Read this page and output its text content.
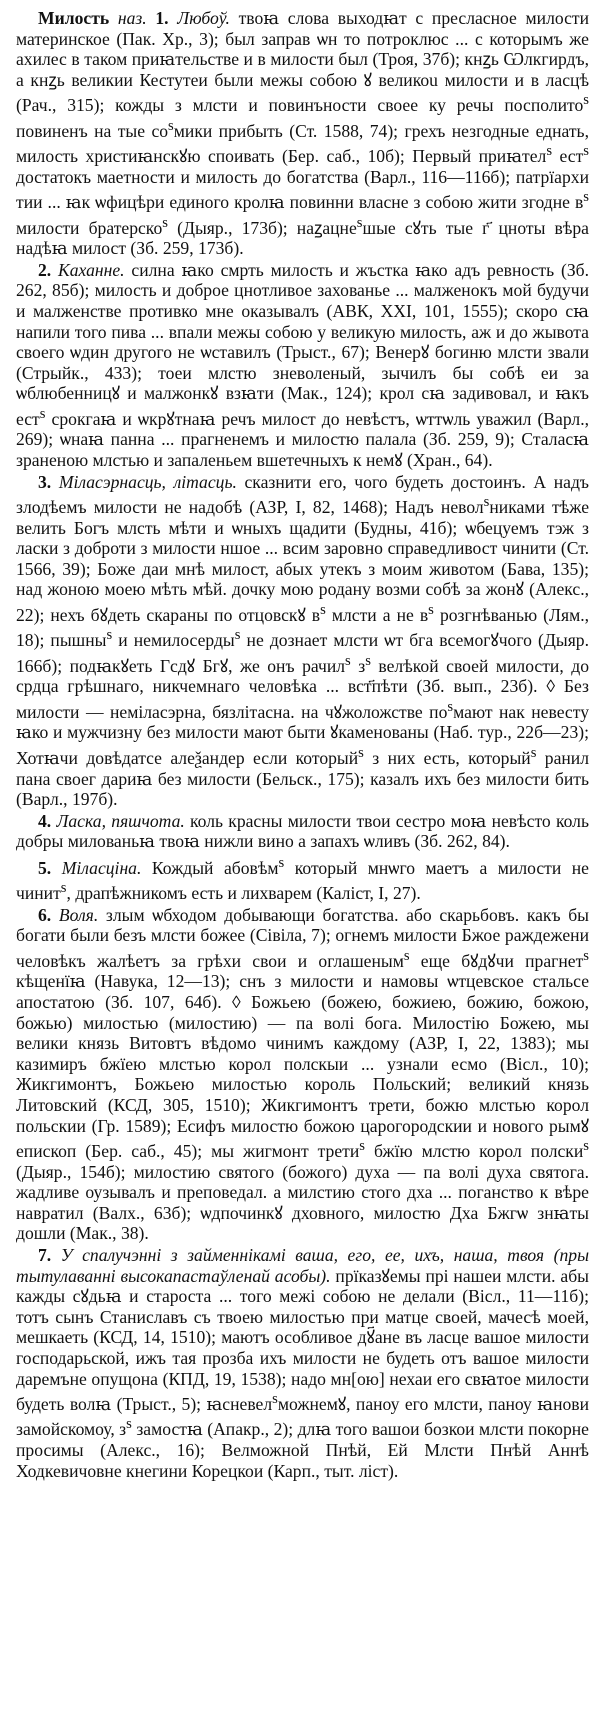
Милость наз. 1. Любоў. твоꙗ слова выходꙗт с пресласное милости материнское (Пак. Хр., 3); был заправ ѡн то потроклюс ... с которымъ же ахилес в таком приꙗтельстве и в милости был (Троя, 37б); кнꙁь Ѡлкгирдъ, а кнꙁь великии Кестутеи были межы собою ꙋ великоu милости и в ласцѣ (Рач., 315); кожды з млсти и повинъности своее ку речы посполито$^s$ повиненъ на тые $со^sмики$ прибыть (Ст. 1588, 74); грехъ незгодные еднать, милость христиꙗнскꙋю споивать (Бер. саб., 10б); Первый приꙗтел$^s$ ест$^s$ достатокъ маетности и милость до богатства (Варл., 116—116б); патрїархи тии ... ꙗк ѡфицѣри единого кролꙗ повинни власне з собою жити згодне $в^s$ милости братерско$^s$ (Дыяр., 173б); наꙁацне$^s$шые сꙋть тые г҃ цноты вѣра надѣꙗ милост (Зб. 259, 173б).

2. Каханне. силна ꙗко смрть милость и жъстка ꙗко адъ ревность (Зб. 262, 85б); милость и доброе цнотливое захованье ... малженокъ мой будучи и малженстве противко мне оказывалъ (АВК, ХХІ, 101, 1555); скоро сꙗ напили того пива ... впали межы собою у великую милость, аж и до жывота своего ѡдин другого не ѡставилъ (Трыст., 67); Венерꙋ богиню млсти звали (Стрыйк., 433); тоеи млстю зневоленый, зычилъ бы собѣ еи за ѡблюбенницꙋ и малжонкꙋ взꙗти (Мак., 124); крол сꙗ задивовал, и ꙗкъ ест$^s$ срокгаꙗ и ѡкрꙋтнаꙗ речъ милост до невѣстъ, ѡттѡль уважил (Варл., 269); ѡнаꙗ панна ... прагненемъ и милостю палала (Зб. 259, 9); Сталасꙗ зраненою млстью и запаленьем вшетечныхъ к немꙋ (Хран., 64).

3. Міласэрнасць, літасць. сказнити его, чого будеть достоинъ. А надъ злодѣемъ милости не надобѣ (АЗР, І, 82, 1468); Надъ невол$^s$никами тѣже велить Богъ млсть мѣти и ѡныхъ щадити (Будны, 41б); ѡбецуемъ тэж з ласки з доброти з милости ншое ... всим заровно справедливост чинити (Ст. 1566, 39); Боже даи мнѣ милост, абых утекъ з моим животом (Бава, 135); над жоною моею мѣть мѣй. дочку мою родану возми собѣ за жонꙋ (Алекс., 22); нехъ бꙋдеть скараны по отцовскꙋ $в^s$ млсти а не $в^s$ розгнѣванью (Лям., 18); пышны$^s$ и немилосерды$^s$ не дознает млсти ѡт бга всемогꙋчого (Дыяр. 166б); подꙗкꙋеть Гсдꙋ Бгꙋ, же онъ рачил$^s$ $з^s$ велѣкой своей милости, до срдца грѣшнаго, никчемнаго человѣка ... вст҃пѣти (Зб. вып., 23б). ◊ Без милости — неміласэрна, бязлітасна. на чꙋжоложстве $по^sмают$ нaк невесту ꙗко и мужчизну без милости мают быти ꙋкаменованы (Наб. тур., 22б—23); Хотꙗчи довѣдатсе алеѯандер если который$^s$ з них есть, который$^s$ ранил пана своег дариꙗ без милости (Бельск., 175); казалъ ихъ без милости бить (Варл., 197б).

4. Ласка, пяшчота. коль красны милости твои сестро моꙗ невѣсто коль добры милованьꙗ твоꙗ нижли вино а запахъ ѡливъ (Зб. 262, 84).

5. Міласціна. Кождый абовѣм$^s$ который мнѡго маетъ а милости не чинит$^s$, драпѣжникомъ есть и лихварем (Каліст, І, 27).

6. Воля. злым ѡбходом добывающи богатства. або скарьбовъ. какъ бы богати были безъ млсти божее (Сівіла, 7); огнемъ милости Бжое раждежени человѣкъ жалѣетъ за грѣхи свои и оглашеным$^s$ еще бꙋдꙋчи прагнет$^s$ кѣщенїꙗ (Навука, 12—13); снъ з милости и намовы ѡтцевское стальсе апостатою (Зб. 107, 64б). ◊ Божьею (божею, божиею, божию, божою, божью) милостью (милостию) — па волі бога. Милостію Божею, мы велики князь Витовтъ вѣдомо чинимъ каждому (АЗР, І, 22, 1383); мы казимиръ бжїею млстью корол полскыи ... узнали есмо (Вісл., 10); Жикгимонтъ, Божьею милостью король Польский; великий князь Литовский (КСД, 305, 1510); Жикгимонтъ трети, божю млстью корол польскии (Гр. 1589); Есифъ милостю божою царогородскии и нового рымꙋ епископ (Бер. саб., 45); мы жигмонт трети$^s$ бжїю млстю корол полски$^s$ (Дыяр., 154б); милостию святого (божого) духа — па волі духа святога. жадливе оузывалъ и преповедал. а милстию стого дха ... поганство к вѣре навратил (Валх., 63б); ѡдпочинкꙋ дховного, милостю Дха Бжгѡ знꙗты дошли (Мак., 38).

7. У спалучэнні з займеннікамі ваша, его, ее, ихъ, наша, твоя (пры тытулаванні высокапастаўленай асобы). прїказꙋемы прі нашеи млсти. абы кажды сꙋдьꙗ и староста ... того межі собою не делали (Вісл., 11—11б); тотъ сынъ Станиславъ съ твоею милостью при матце своей, мачесѣ моей, мешкаеть (КСД, 14, 1510); маютъ особливое дꙋ҃ане въ ласце вашое милости господарьской, ижъ тая прозба ихъ милости не будеть отъ вашое милости даремъне опущона (КПД, 19, 1538); надо мн[ою] нехаи его свꙗтое милости будеть волꙗ (Трыст., 5); ꙗсневел$^s$можнемꙋ, паноу его млсти, паноу ꙗнови замойскомоу, $з^s$ замостꙗ (Апакр., 2); длꙗ того вашои бозкои млсти покорне просимы (Алекс., 16); Велможной Пнѣй, Ей Млсти Пнѣй Аннѣ Ходкевичовне кнегини Корецкои (Карп., тыт. ліст).
